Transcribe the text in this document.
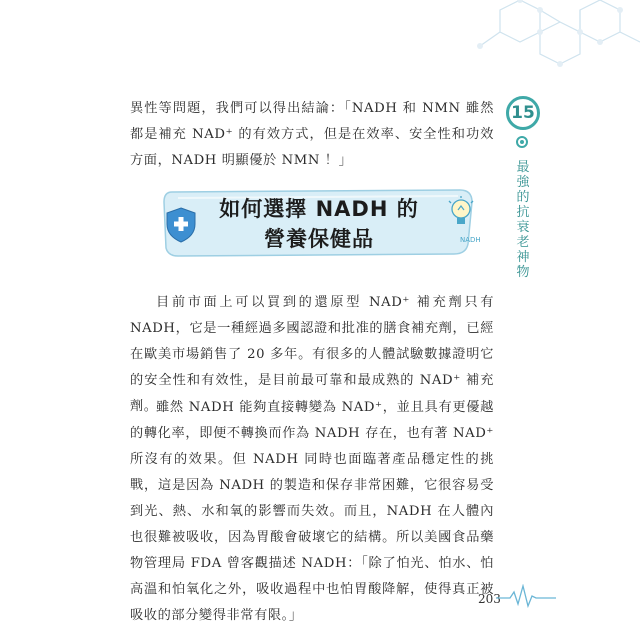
15
最強的抗衰老神物

異性等問題，我們可以得出結論：「NADH 和 NMN 雖然都是補充 NAD⁺ 的有效方式，但是在效率、安全性和功效方面，NADH 明顯優於 NMN ！」

如何選擇 NADH 的
營養保健品	NADH

目前市面上可以買到的還原型 NAD⁺ 補充劑只有 NADH，它是一種經過多國認證和批准的膳食補充劑，已經在歐美市場銷售了 20 多年。有很多的人體試驗數據證明它的安全性和有效性，是目前最可靠和最成熟的 NAD⁺ 補充劑。

雖然 NADH 能夠直接轉變為 NAD⁺，並且具有更優越的轉化率，即便不轉換而作為 NADH 存在，也有著 NAD⁺ 所沒有的效果。但 NADH 同時也面臨著產品穩定性的挑戰，這是因為 NADH 的製造和保存非常困難，它很容易受到光、熱、水和氧的影響而失效。而且，NADH 在人體內也很難被吸收，因為胃酸會破壞它的結構。所以美國食品藥物管理局 FDA 曾客觀描述 NADH：「除了怕光、怕水、怕高溫和怕氧化之外，吸收過程中也怕胃酸降解，使得真正被吸收的部分變得非常有限。」

203
